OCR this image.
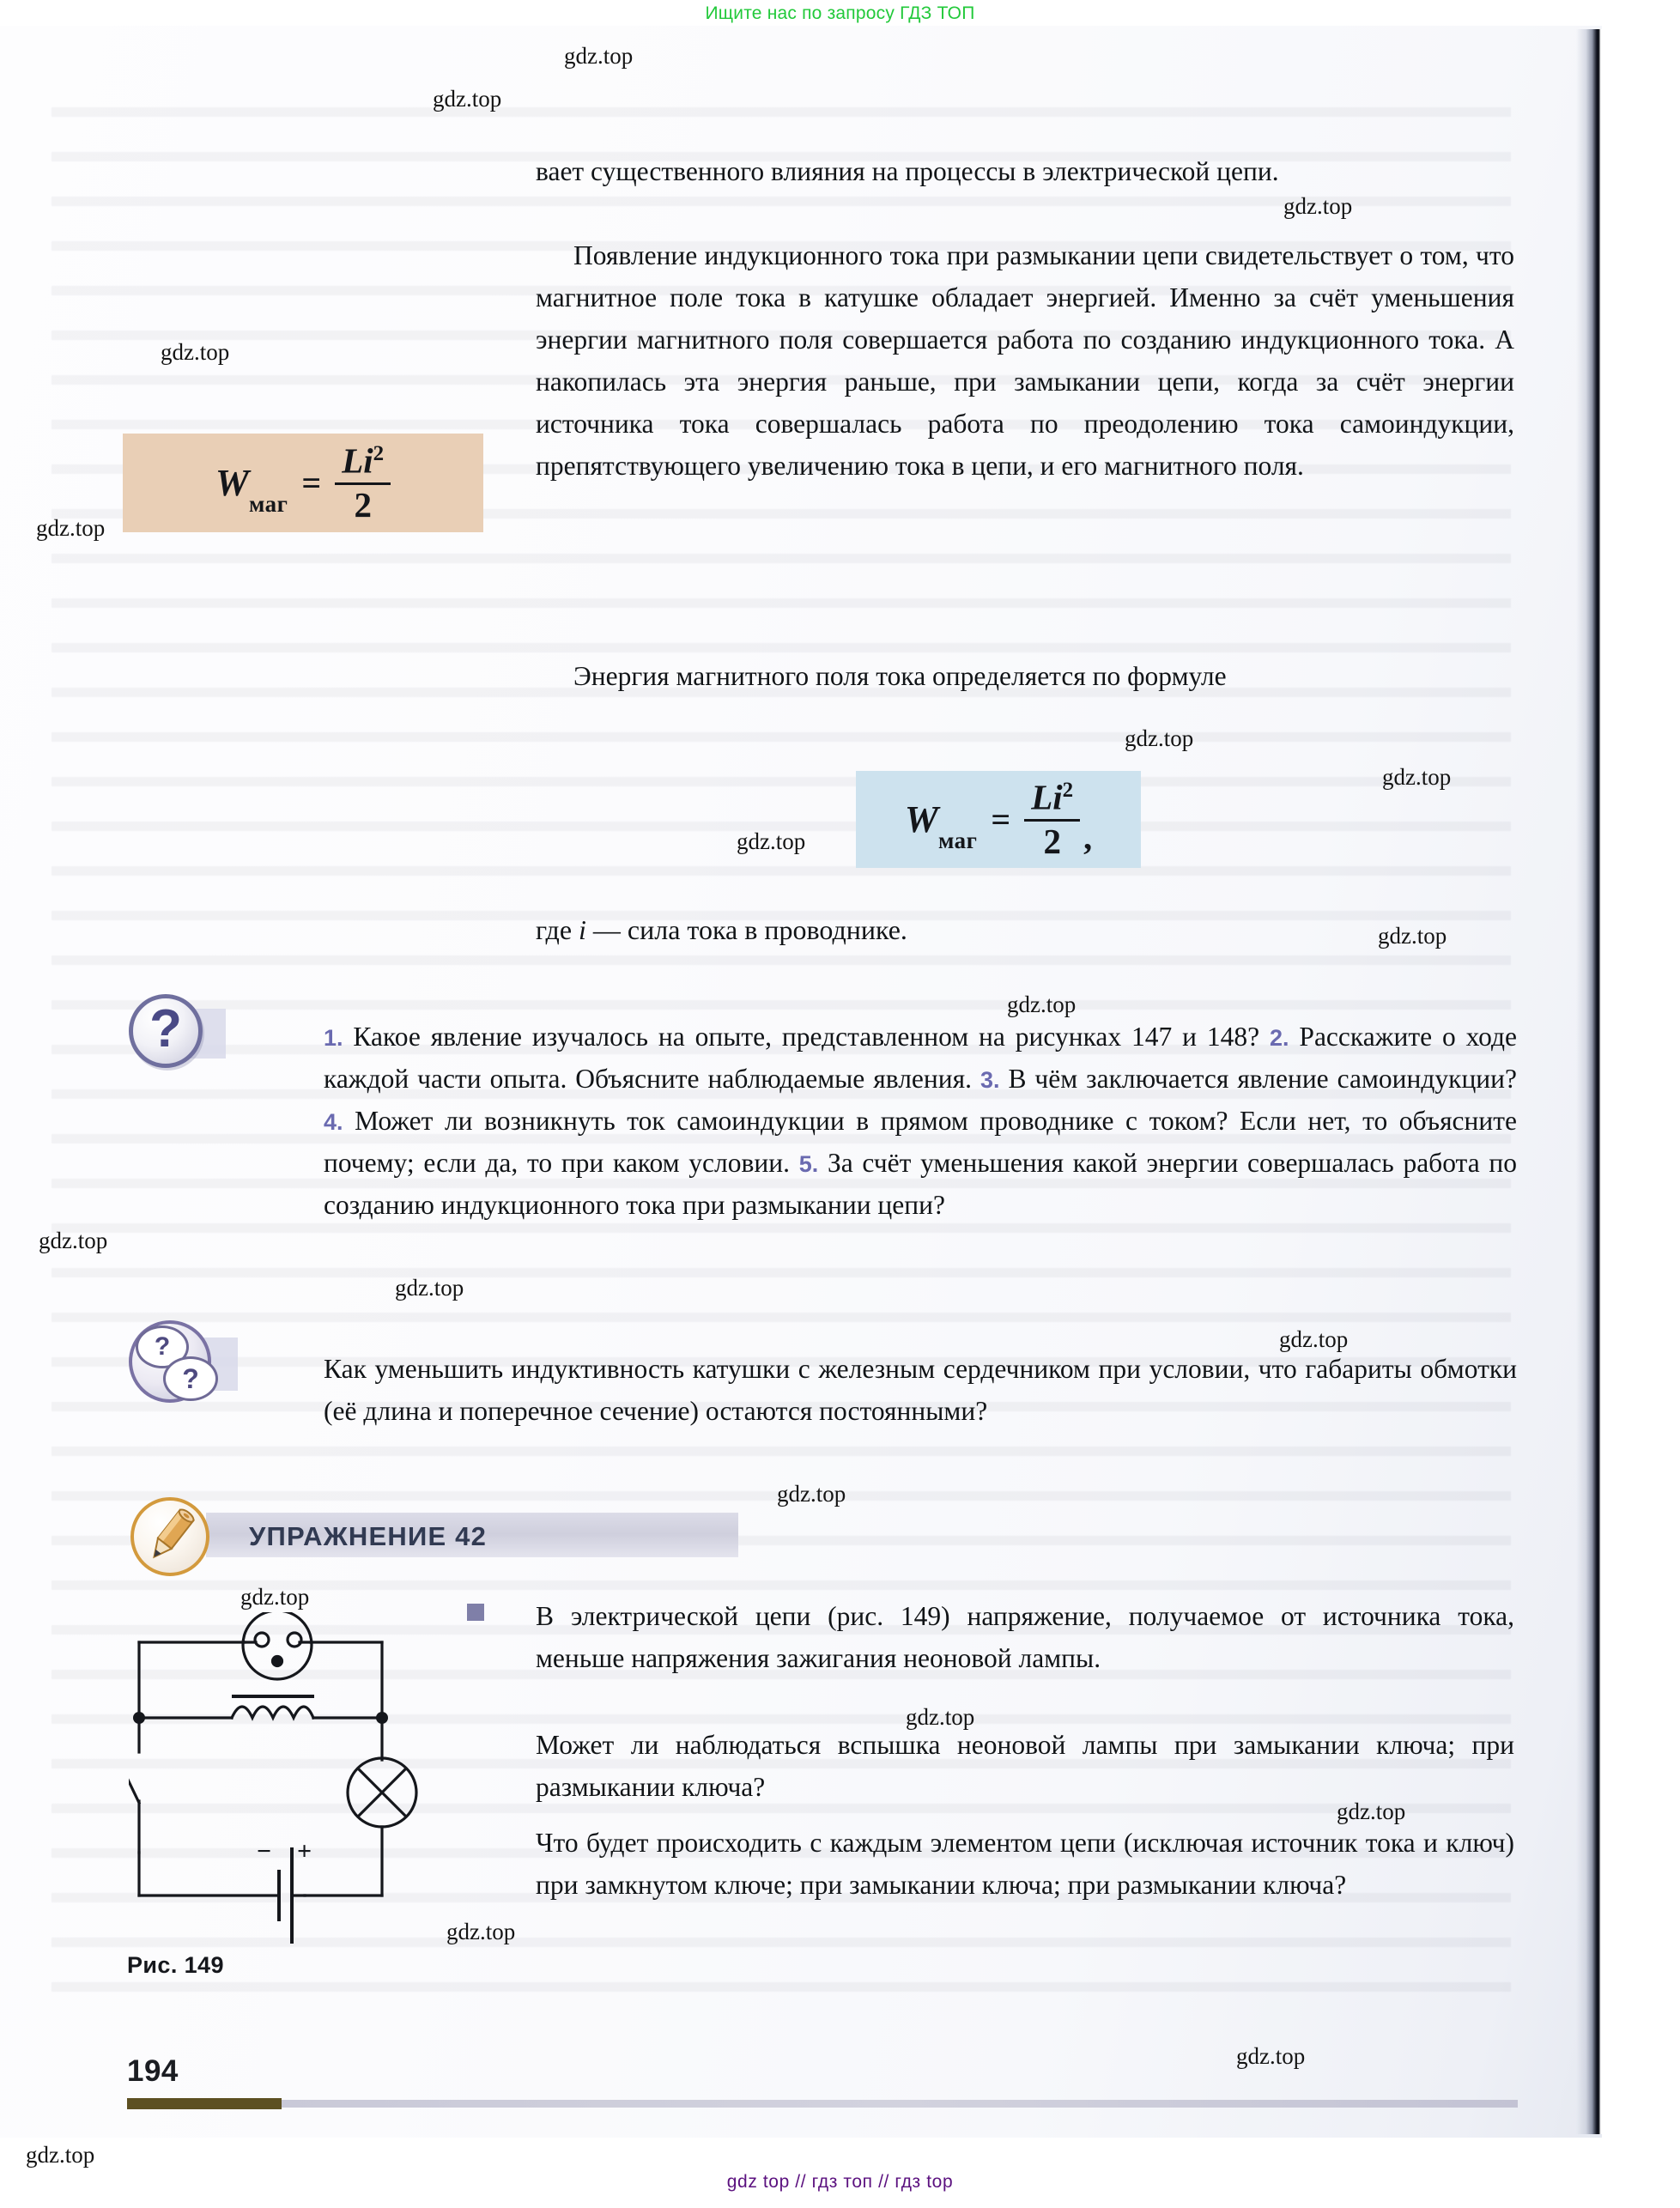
Ищите нас по запросу ГДЗ ТОП
gdz.top
gdz.top
gdz.top
gdz.top
gdz.top
gdz.top
gdz.top
gdz.top
gdz.top
gdz.top
gdz.top
gdz.top
gdz.top
gdz.top
gdz.top
gdz.top
gdz.top
gdz.top
gdz.top
gdz.top
вает существенного влияния на процессы в электрической цепи.
Появление индукционного тока при размыкании цепи свидетельствует о том, что магнитное поле тока в катушке обладает энергией. Именно за счёт уменьшения энергии магнитного поля совершается работа по созданию индукционного тока. А накопилась эта энергия раньше, при замыкании цепи, когда за счёт энергии источника тока совершалась работа по преодолению тока самоиндукции, препятствующего увеличению тока в цепи, и его магнитного поля.
Энергия магнитного поля тока определяется по формуле
W маг
= $\frac{Li^2}{2}$
W маг
= $\frac{Li^2}{2}$ ,
где i — сила тока в проводнике.
?	1. Какое явление изучалось на опыте, представленном на рисунках 147 и 148? 2. Расскажите о ходе каждой части опыта. Объясните наблюдаемые явления. 3. В чём заключается явление самоиндукции? 4. Может ли возникнуть ток самоиндукции в прямом проводнике с током? Если нет, то объясните почему; если да, то при каком условии. 5. За счёт уменьшения какой энергии совершалась работа по созданию индукционного тока при размыкании цепи?
?
?	Как уменьшить индуктивность катушки с железным сердечником при условии, что габариты обмотки (её длина и поперечное сечение) остаются постоянными?
УПРАЖНЕНИЕ 42
В электрической цепи (рис. 149) напряжение, получаемое от источника тока, меньше напряжения зажигания неоновой лампы.
Может ли наблюдаться вспышка неоновой лампы при замыкании ключа; при размыкании ключа?
Что будет происходить с каждым элементом цепи (исключая источник тока и ключ) при замкнутом ключе; при замыкании ключа; при размыкании ключа?
− +
Рис. 149
194
gdz top // гдз топ // гдз top
